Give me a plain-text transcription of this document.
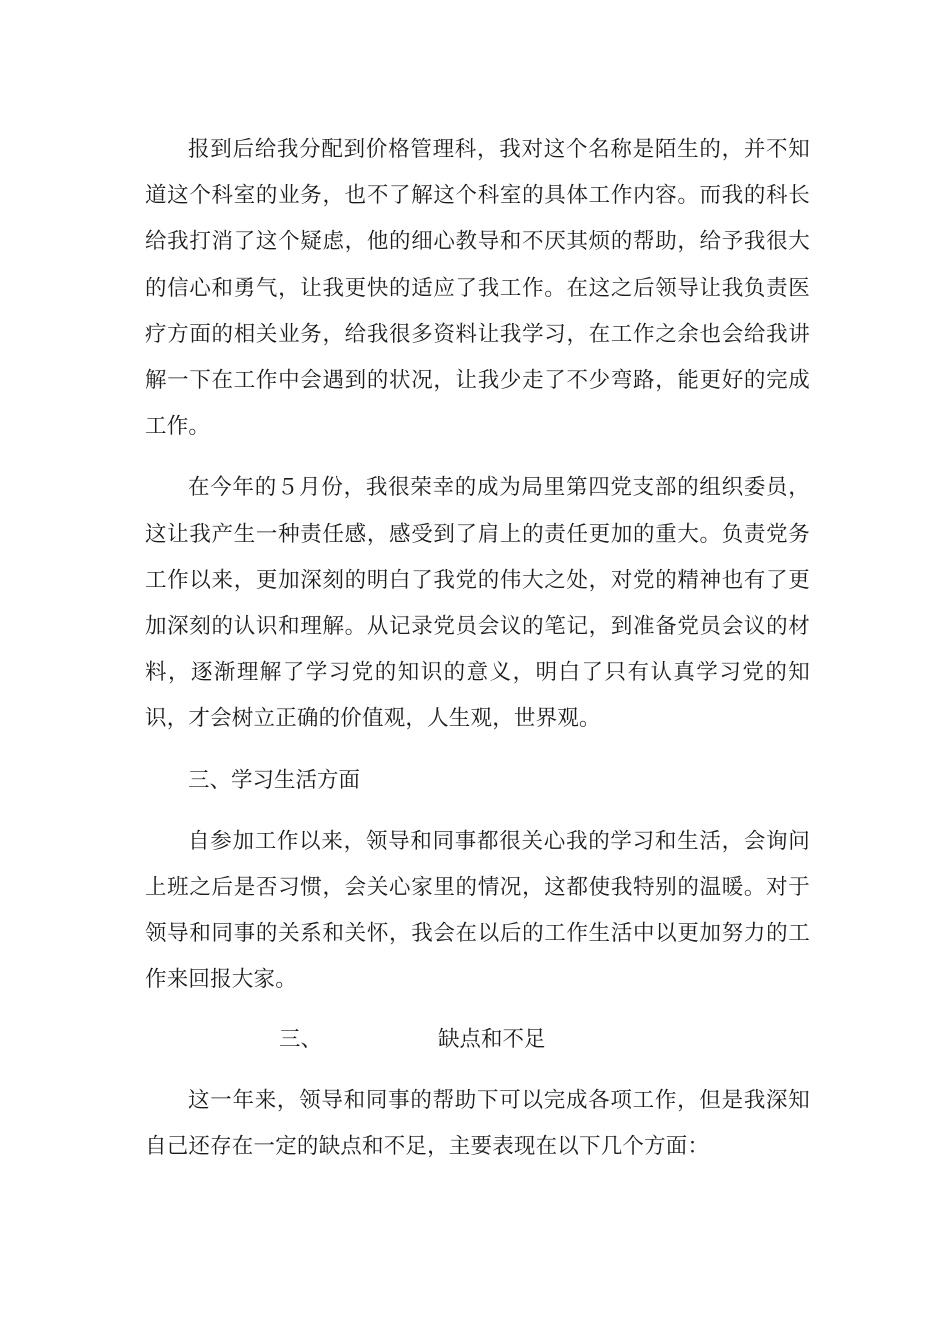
报到后给我分配到价格管理科，我对这个名称是陌生的，并不知道这个科室的业务，也不了解这个科室的具体工作内容。而我的科长给我打消了这个疑虑，他的细心教导和不厌其烦的帮助，给予我很大的信心和勇气，让我更快的适应了我工作。在这之后领导让我负责医疗方面的相关业务，给我很多资料让我学习，在工作之余也会给我讲解一下在工作中会遇到的状况，让我少走了不少弯路，能更好的完成工作。

在今年的５月份，我很荣幸的成为局里第四党支部的组织委员，这让我产生一种责任感，感受到了肩上的责任更加的重大。负责党务工作以来，更加深刻的明白了我党的伟大之处，对党的精神也有了更加深刻的认识和理解。从记录党员会议的笔记，到准备党员会议的材料，逐渐理解了学习党的知识的意义，明白了只有认真学习党的知识，才会树立正确的价值观，人生观，世界观。

三、学习生活方面

自参加工作以来，领导和同事都很关心我的学习和生活，会询问上班之后是否习惯，会关心家里的情况，这都使我特别的温暖。对于领导和同事的关系和关怀，我会在以后的工作生活中以更加努力的工作来回报大家。

三、	缺点和不足

这一年来，领导和同事的帮助下可以完成各项工作，但是我深知自己还存在一定的缺点和不足，主要表现在以下几个方面：
